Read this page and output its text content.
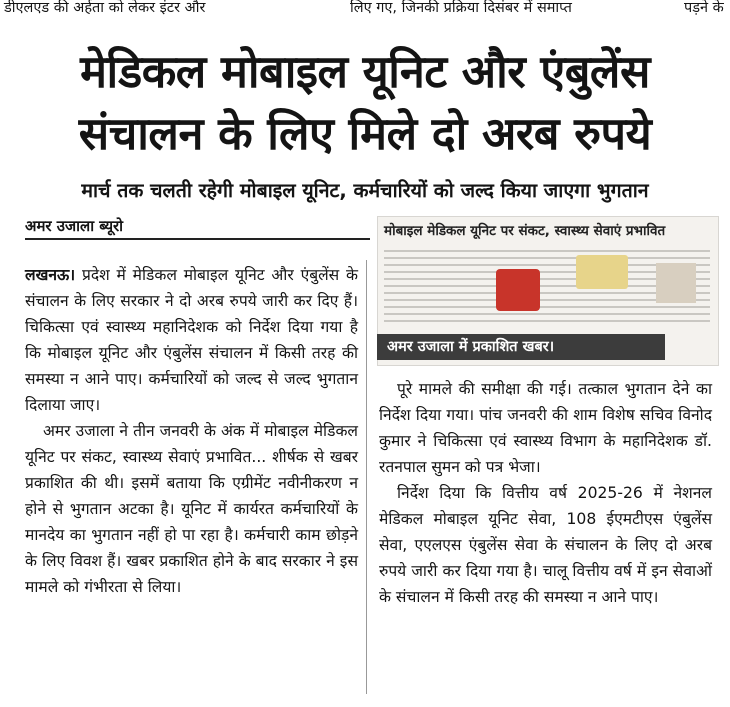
डीएलएड की अर्हता को लेकर इंटर और	लिए गए, जिनकी प्रक्रिया दिसंबर में समाप्त	पड़ने के
मेडिकल मोबाइल यूनिट और एंबुलेंस
संचालन के लिए मिले दो अरब रुपये
मार्च तक चलती रहेगी मोबाइल यूनिट, कर्मचारियों को जल्द किया जाएगा भुगतान
अमर उजाला ब्यूरो

लखनऊ। प्रदेश में मेडिकल मोबाइल यूनिट और एंबुलेंस के संचालन के लिए सरकार ने दो अरब रुपये जारी कर दिए हैं। चिकित्सा एवं स्वास्थ्य महानिदेशक को निर्देश दिया गया है कि मोबाइल यूनिट और एंबुलेंस संचालन में किसी तरह की समस्या न आने पाए। कर्मचारियों को जल्द से जल्द भुगतान दिलाया जाए।

अमर उजाला ने तीन जनवरी के अंक में मोबाइल मेडिकल यूनिट पर संकट, स्वास्थ्य सेवाएं प्रभावित... शीर्षक से खबर प्रकाशित की थी। इसमें बताया कि एग्रीमेंट नवीनीकरण न होने से भुगतान अटका है। यूनिट में कार्यरत कर्मचारियों के मानदेय का भुगतान नहीं हो पा रहा है। कर्मचारी काम छोड़ने के लिए विवश हैं। खबर प्रकाशित होने के बाद सरकार ने इस मामले को गंभीरता से लिया।

मोबाइल मेडिकल यूनिट पर संकट, स्वास्थ्य सेवाएं प्रभावित
अमर उजाला में प्रकाशित खबर।

पूरे मामले की समीक्षा की गई। तत्काल भुगतान देने का निर्देश दिया गया। पांच जनवरी की शाम विशेष सचिव विनोद कुमार ने चिकित्सा एवं स्वास्थ्य विभाग के महानिदेशक डॉ. रतनपाल सुमन को पत्र भेजा।

निर्देश दिया कि वित्तीय वर्ष 2025-26 में नेशनल मेडिकल मोबाइल यूनिट सेवा, 108 ईएमटीएस एंबुलेंस सेवा, एएलएस एंबुलेंस सेवा के संचालन के लिए दो अरब रुपये जारी कर दिया गया है। चालू वित्तीय वर्ष में इन सेवाओं के संचालन में किसी तरह की समस्या न आने पाए।
